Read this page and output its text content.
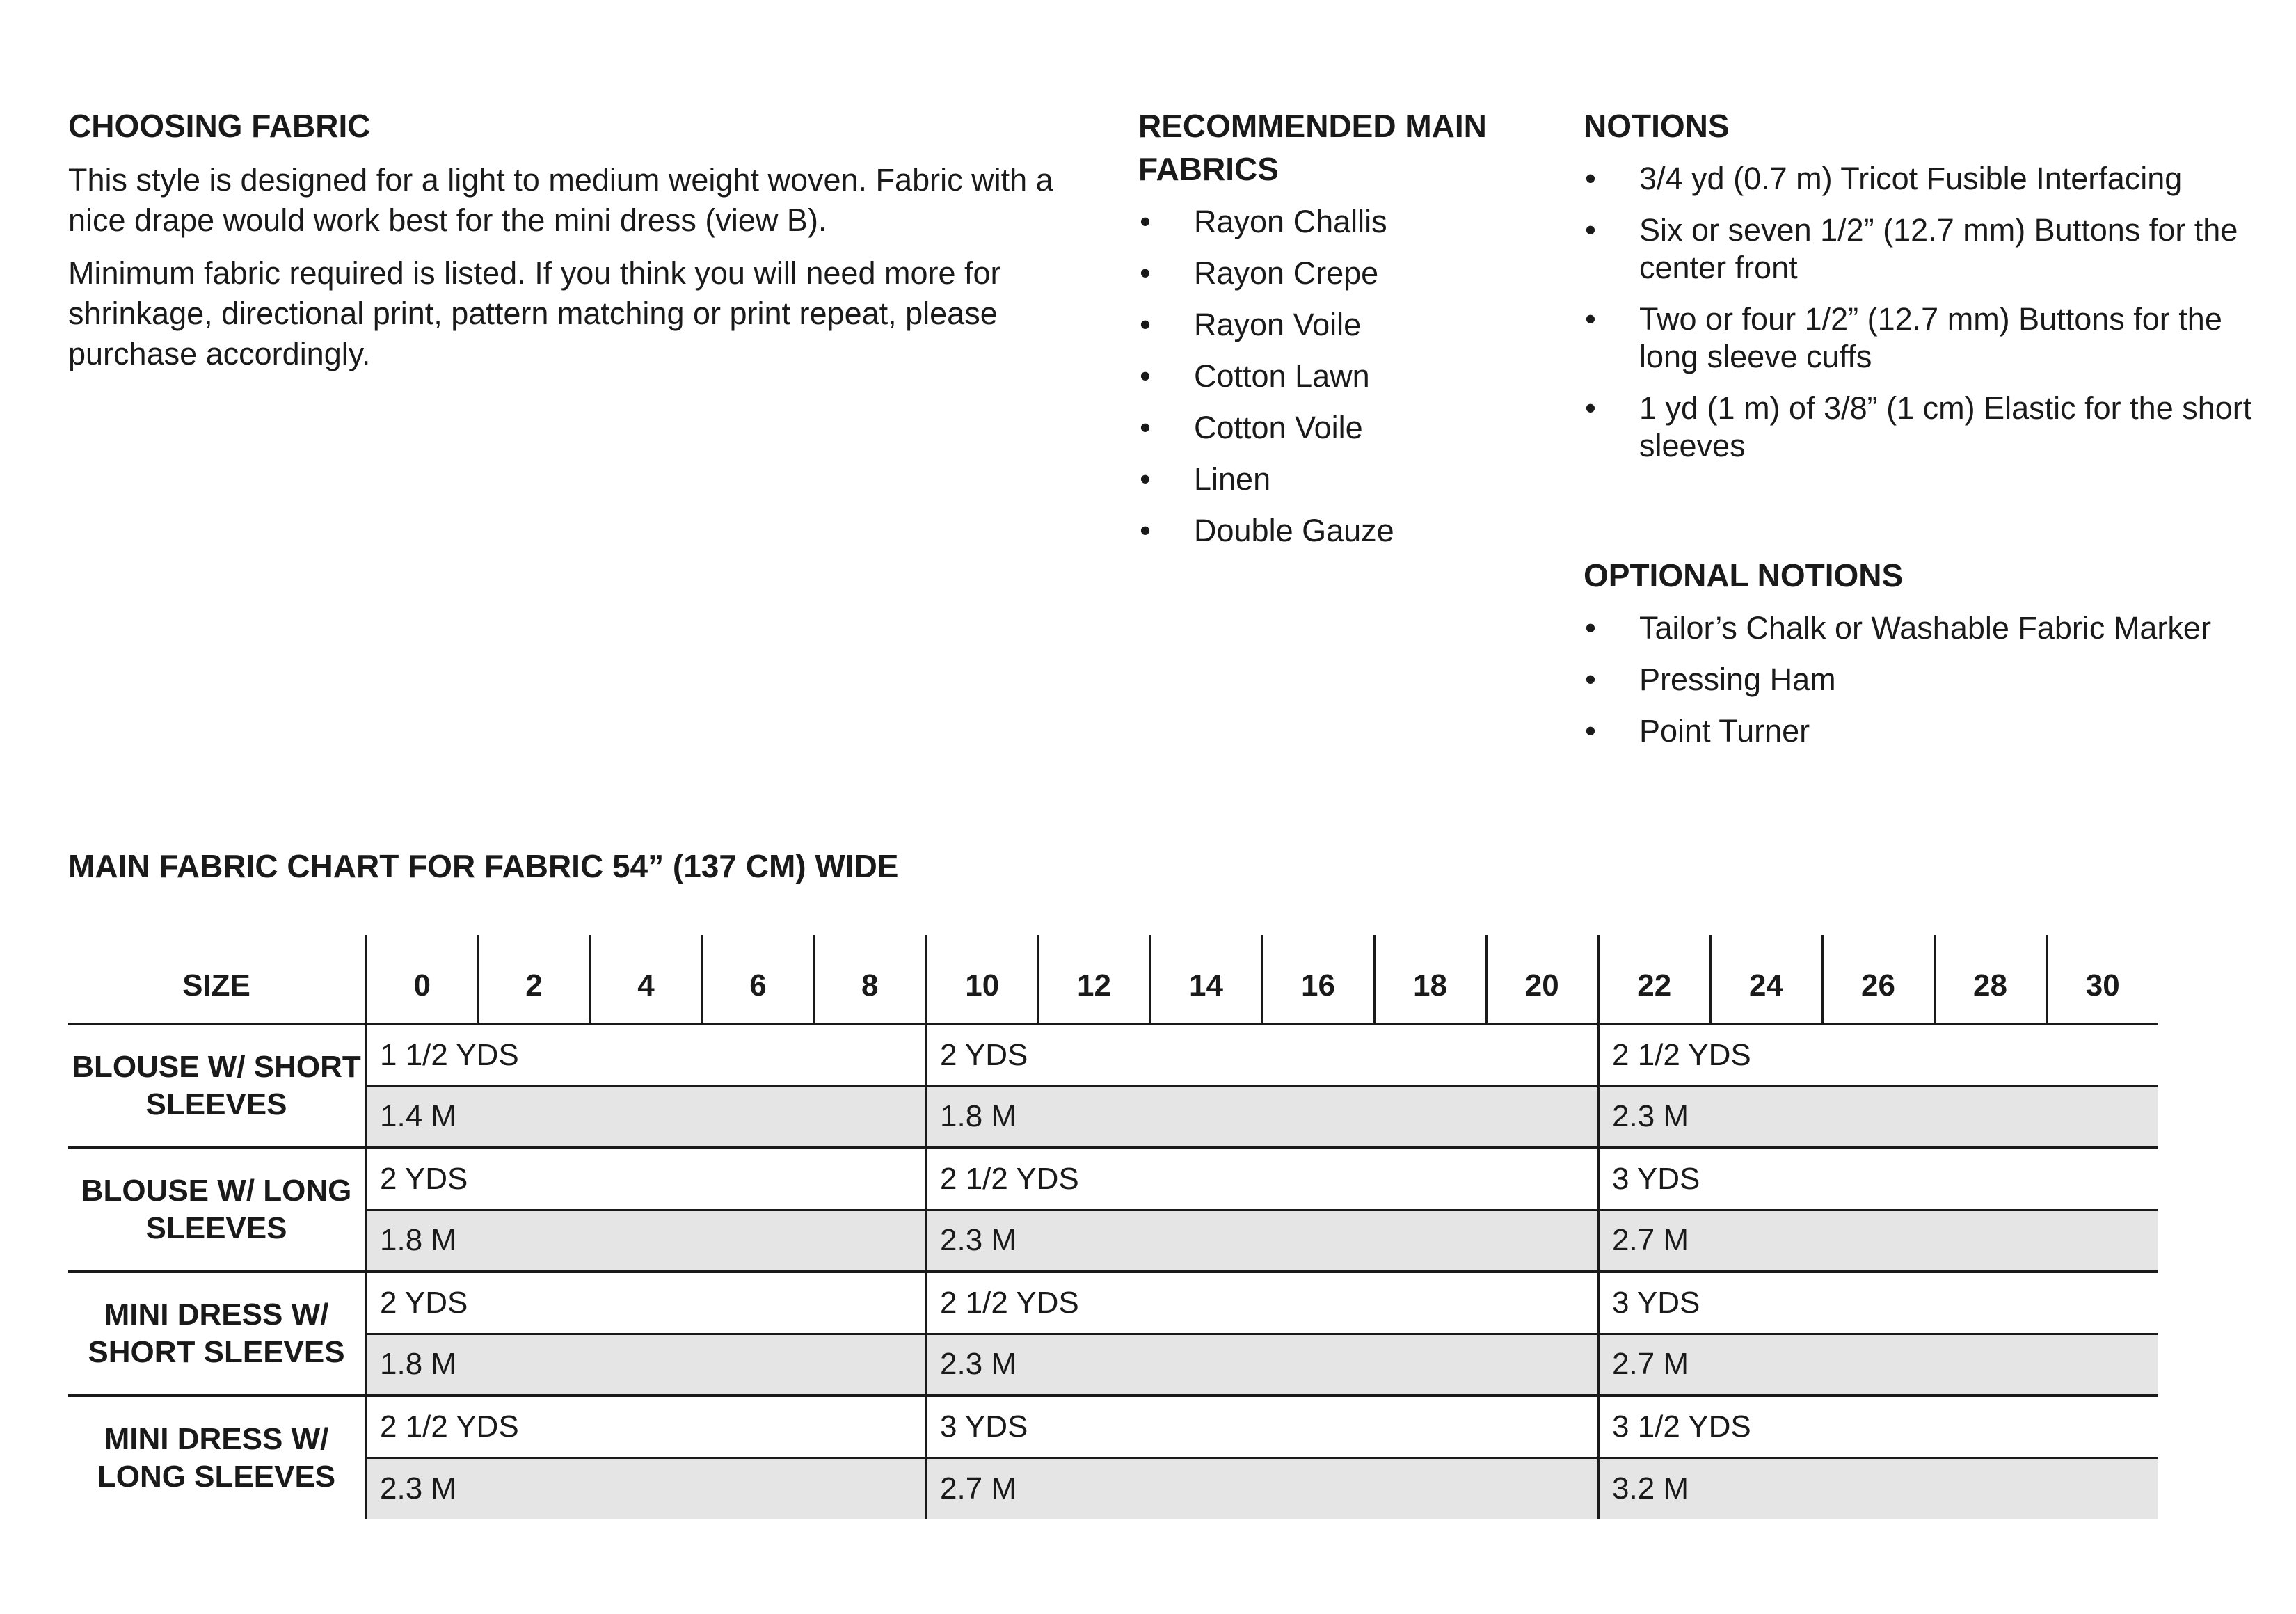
CHOOSING FABRIC

This style is designed for a light to medium weight woven. Fabric with a nice drape would work best for the mini dress (view B).

Minimum fabric required is listed. If you think you will need more for shrinkage, directional print, pattern matching or print repeat, please purchase accordingly.

RECOMMENDED MAIN FABRICS
• Rayon Challis
• Rayon Crepe
• Rayon Voile
• Cotton Lawn
• Cotton Voile
• Linen
• Double Gauze
NOTIONS
• 3/4 yd (0.7 m) Tricot Fusible Interfacing
• Six or seven 1/2” (12.7 mm) Buttons for the center front
• Two or four 1/2” (12.7 mm) Buttons for the long sleeve cuffs
• 1 yd (1 m) of 3/8” (1 cm) Elastic for the short sleeves
OPTIONAL NOTIONS
• Tailor’s Chalk or Washable Fabric Marker
• Pressing Ham
• Point Turner
MAIN FABRIC CHART FOR FABRIC 54” (137 CM) WIDE
SIZE	0	2	4	6	8	10	12	14	16	18	20	22	24	26	28	30
BLOUSE W/ SHORT SLEEVES	1 1/2 YDS					2 YDS						2 1/2 YDS				
	1.4 M					1.8 M						2.3 M				
BLOUSE W/ LONG SLEEVES	2 YDS					2 1/2 YDS						3 YDS				
	1.8 M					2.3 M						2.7 M				
MINI DRESS W/ SHORT SLEEVES	2 YDS					2 1/2 YDS						3 YDS				
	1.8 M					2.3 M						2.7 M				
MINI DRESS W/ LONG SLEEVES	2 1/2 YDS					3 YDS						3 1/2 YDS				
	2.3 M					2.7 M						3.2 M				
